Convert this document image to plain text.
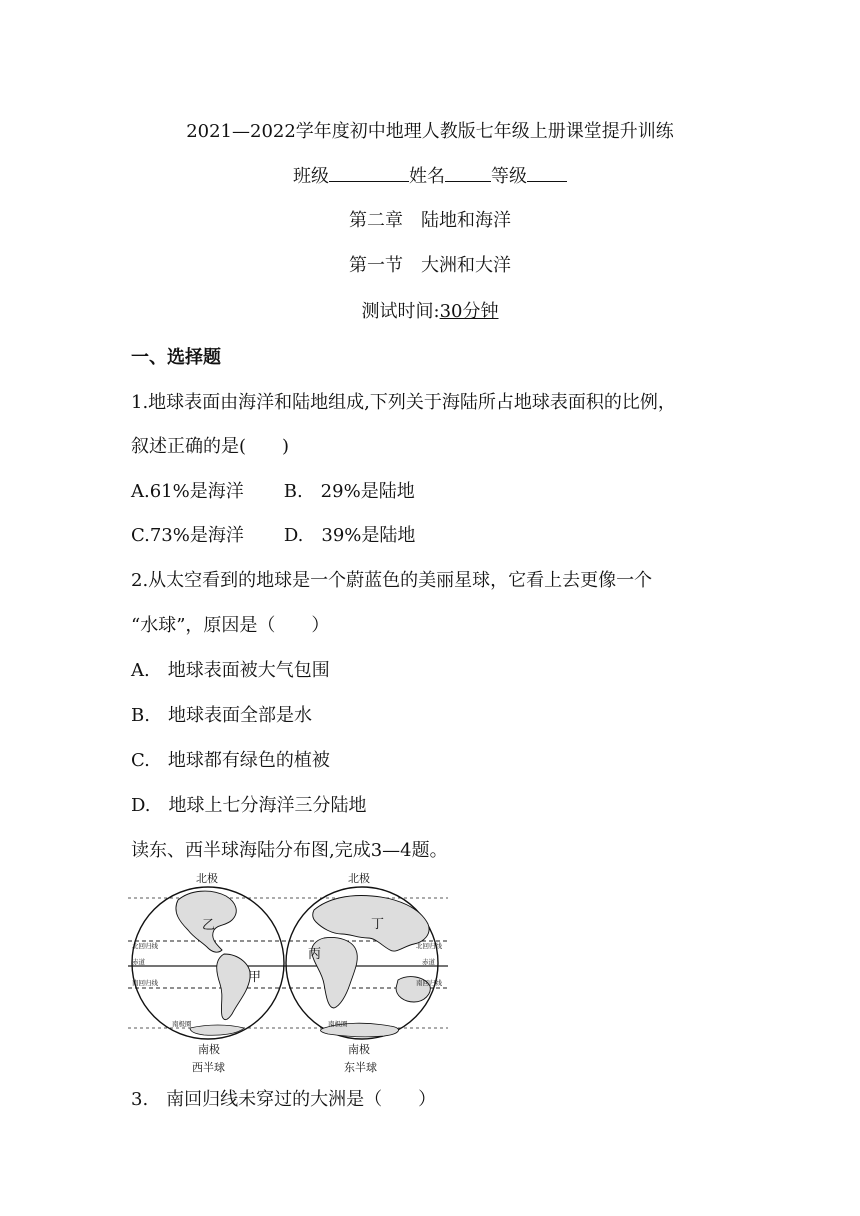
2021—2022学年度初中地理人教版七年级上册课堂提升训练
班级	姓名	等级
第二章　陆地和海洋
第一节　大洲和大洋
测试时间:30分钟
一、选择题
1.地球表面由海洋和陆地组成,下列关于海陆所占地球表面积的比例，
叙述正确的是(　　)
A.61%是海洋 B.　29%是陆地
C.73%是海洋 D.　39%是陆地
2.从太空看到的地球是一个蔚蓝色的美丽星球，它看上去更像一个
“水球”，原因是（　　）
A.　地球表面被大气包围
B.　地球表面全部是水
C.　地球都有绿色的植被
D.　地球上七分海洋三分陆地
读东、西半球海陆分布图,完成3—4题。
北极	北极
北回归线
赤道
南回归线
北回归线
赤道
南回归线
南极圈	南极圈
乙
甲
丙
丁
南极	南极
西半球	东半球
3.　南回归线未穿过的大洲是（　　）
